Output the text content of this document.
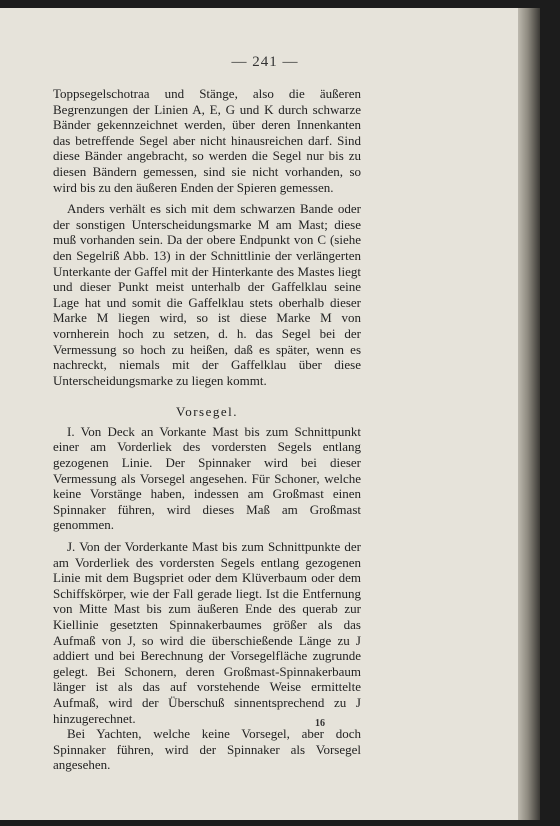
— 241 —

Toppsegelschotraa und Stänge, also die äußeren Begrenzungen der Linien A, E, G und K durch schwarze Bänder gekennzeichnet werden, über deren Innenkanten das betreffende Segel aber nicht hinausreichen darf. Sind diese Bänder angebracht, so werden die Segel nur bis zu diesen Bändern gemessen, sind sie nicht vorhanden, so wird bis zu den äußeren Enden der Spieren gemessen.

Anders verhält es sich mit dem schwarzen Bande oder der sonstigen Unterscheidungsmarke M am Mast; diese muß vorhanden sein. Da der obere Endpunkt von C (siehe den Segelriß Abb. 13) in der Schnittlinie der verlängerten Unterkante der Gaffel mit der Hinterkante des Mastes liegt und dieser Punkt meist unterhalb der Gaffelklau seine Lage hat und somit die Gaffelklau stets oberhalb dieser Marke M liegen wird, so ist diese Marke M von vornherein hoch zu setzen, d. h. das Segel bei der Vermessung so hoch zu heißen, daß es später, wenn es nachreckt, niemals mit der Gaffelklau über diese Unterscheidungsmarke zu liegen kommt.

Vorsegel.

I. Von Deck an Vorkante Mast bis zum Schnittpunkt einer am Vorderliek des vordersten Segels entlang gezogenen Linie. Der Spinnaker wird bei dieser Vermessung als Vorsegel angesehen. Für Schoner, welche keine Vorstänge haben, indessen am Großmast einen Spinnaker führen, wird dieses Maß am Großmast genommen.

J. Von der Vorderkante Mast bis zum Schnittpunkte der am Vorderliek des vordersten Segels entlang gezogenen Linie mit dem Bugspriet oder dem Klüverbaum oder dem Schiffskörper, wie der Fall gerade liegt. Ist die Entfernung von Mitte Mast bis zum äußeren Ende des querab zur Kiellinie gesetzten Spinnakerbaumes größer als das Aufmaß von J, so wird die überschießende Länge zu J addiert und bei Berechnung der Vorsegelfläche zugrunde gelegt. Bei Schonern, deren Großmast-Spinnakerbaum länger ist als das auf vorstehende Weise ermittelte Aufmaß, wird der Überschuß sinnentsprechend zu J hinzugerechnet.

Bei Yachten, welche keine Vorsegel, aber doch Spinnaker führen, wird der Spinnaker als Vorsegel angesehen.

16
